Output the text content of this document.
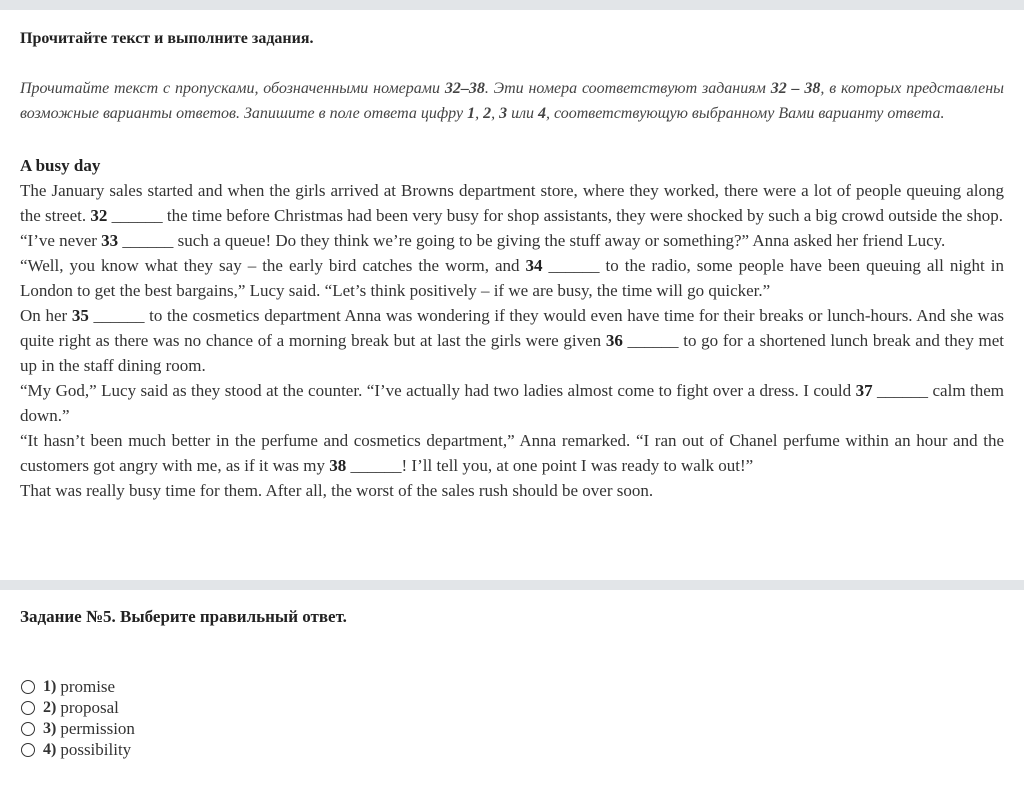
Прочитайте текст и выполните задания.

Прочитайте текст с пропусками, обозначенными номерами 32–38. Эти номера соответствуют заданиям 32 – 38, в которых представлены возможные варианты ответов. Запишите в поле ответа цифру 1, 2, 3 или 4, соответствующую выбранному Вами варианту ответа.

A busy day

The January sales started and when the girls arrived at Browns department store, where they worked, there were a lot of people queuing along the street. 32 ______ the time before Christmas had been very busy for shop assistants, they were shocked by such a big crowd outside the shop.

“I’ve never 33 ______ such a queue! Do they think we’re going to be giving the stuff away or something?” Anna asked her friend Lucy.

“Well, you know what they say – the early bird catches the worm, and 34 ______ to the radio, some people have been queuing all night in London to get the best bargains,” Lucy said. “Let’s think positively – if we are busy, the time will go quicker.”

On her 35 ______ to the cosmetics department Anna was wondering if they would even have time for their breaks or lunch-hours. And she was quite right as there was no chance of a morning break but at last the girls were given 36 ______ to go for a shortened lunch break and they met up in the staff dining room.

“My God,” Lucy said as they stood at the counter. “I’ve actually had two ladies almost come to fight over a dress. I could 37 ______ calm them down.”

“It hasn’t been much better in the perfume and cosmetics department,” Anna remarked. “I ran out of Chanel perfume within an hour and the customers got angry with me, as if it was my 38 ______! I’ll tell you, at one point I was ready to walk out!”

That was really busy time for them. After all, the worst of the sales rush should be over soon.

Задание №5. Выберите правильный ответ.
1) promise
2) proposal
3) permission
4) possibility
